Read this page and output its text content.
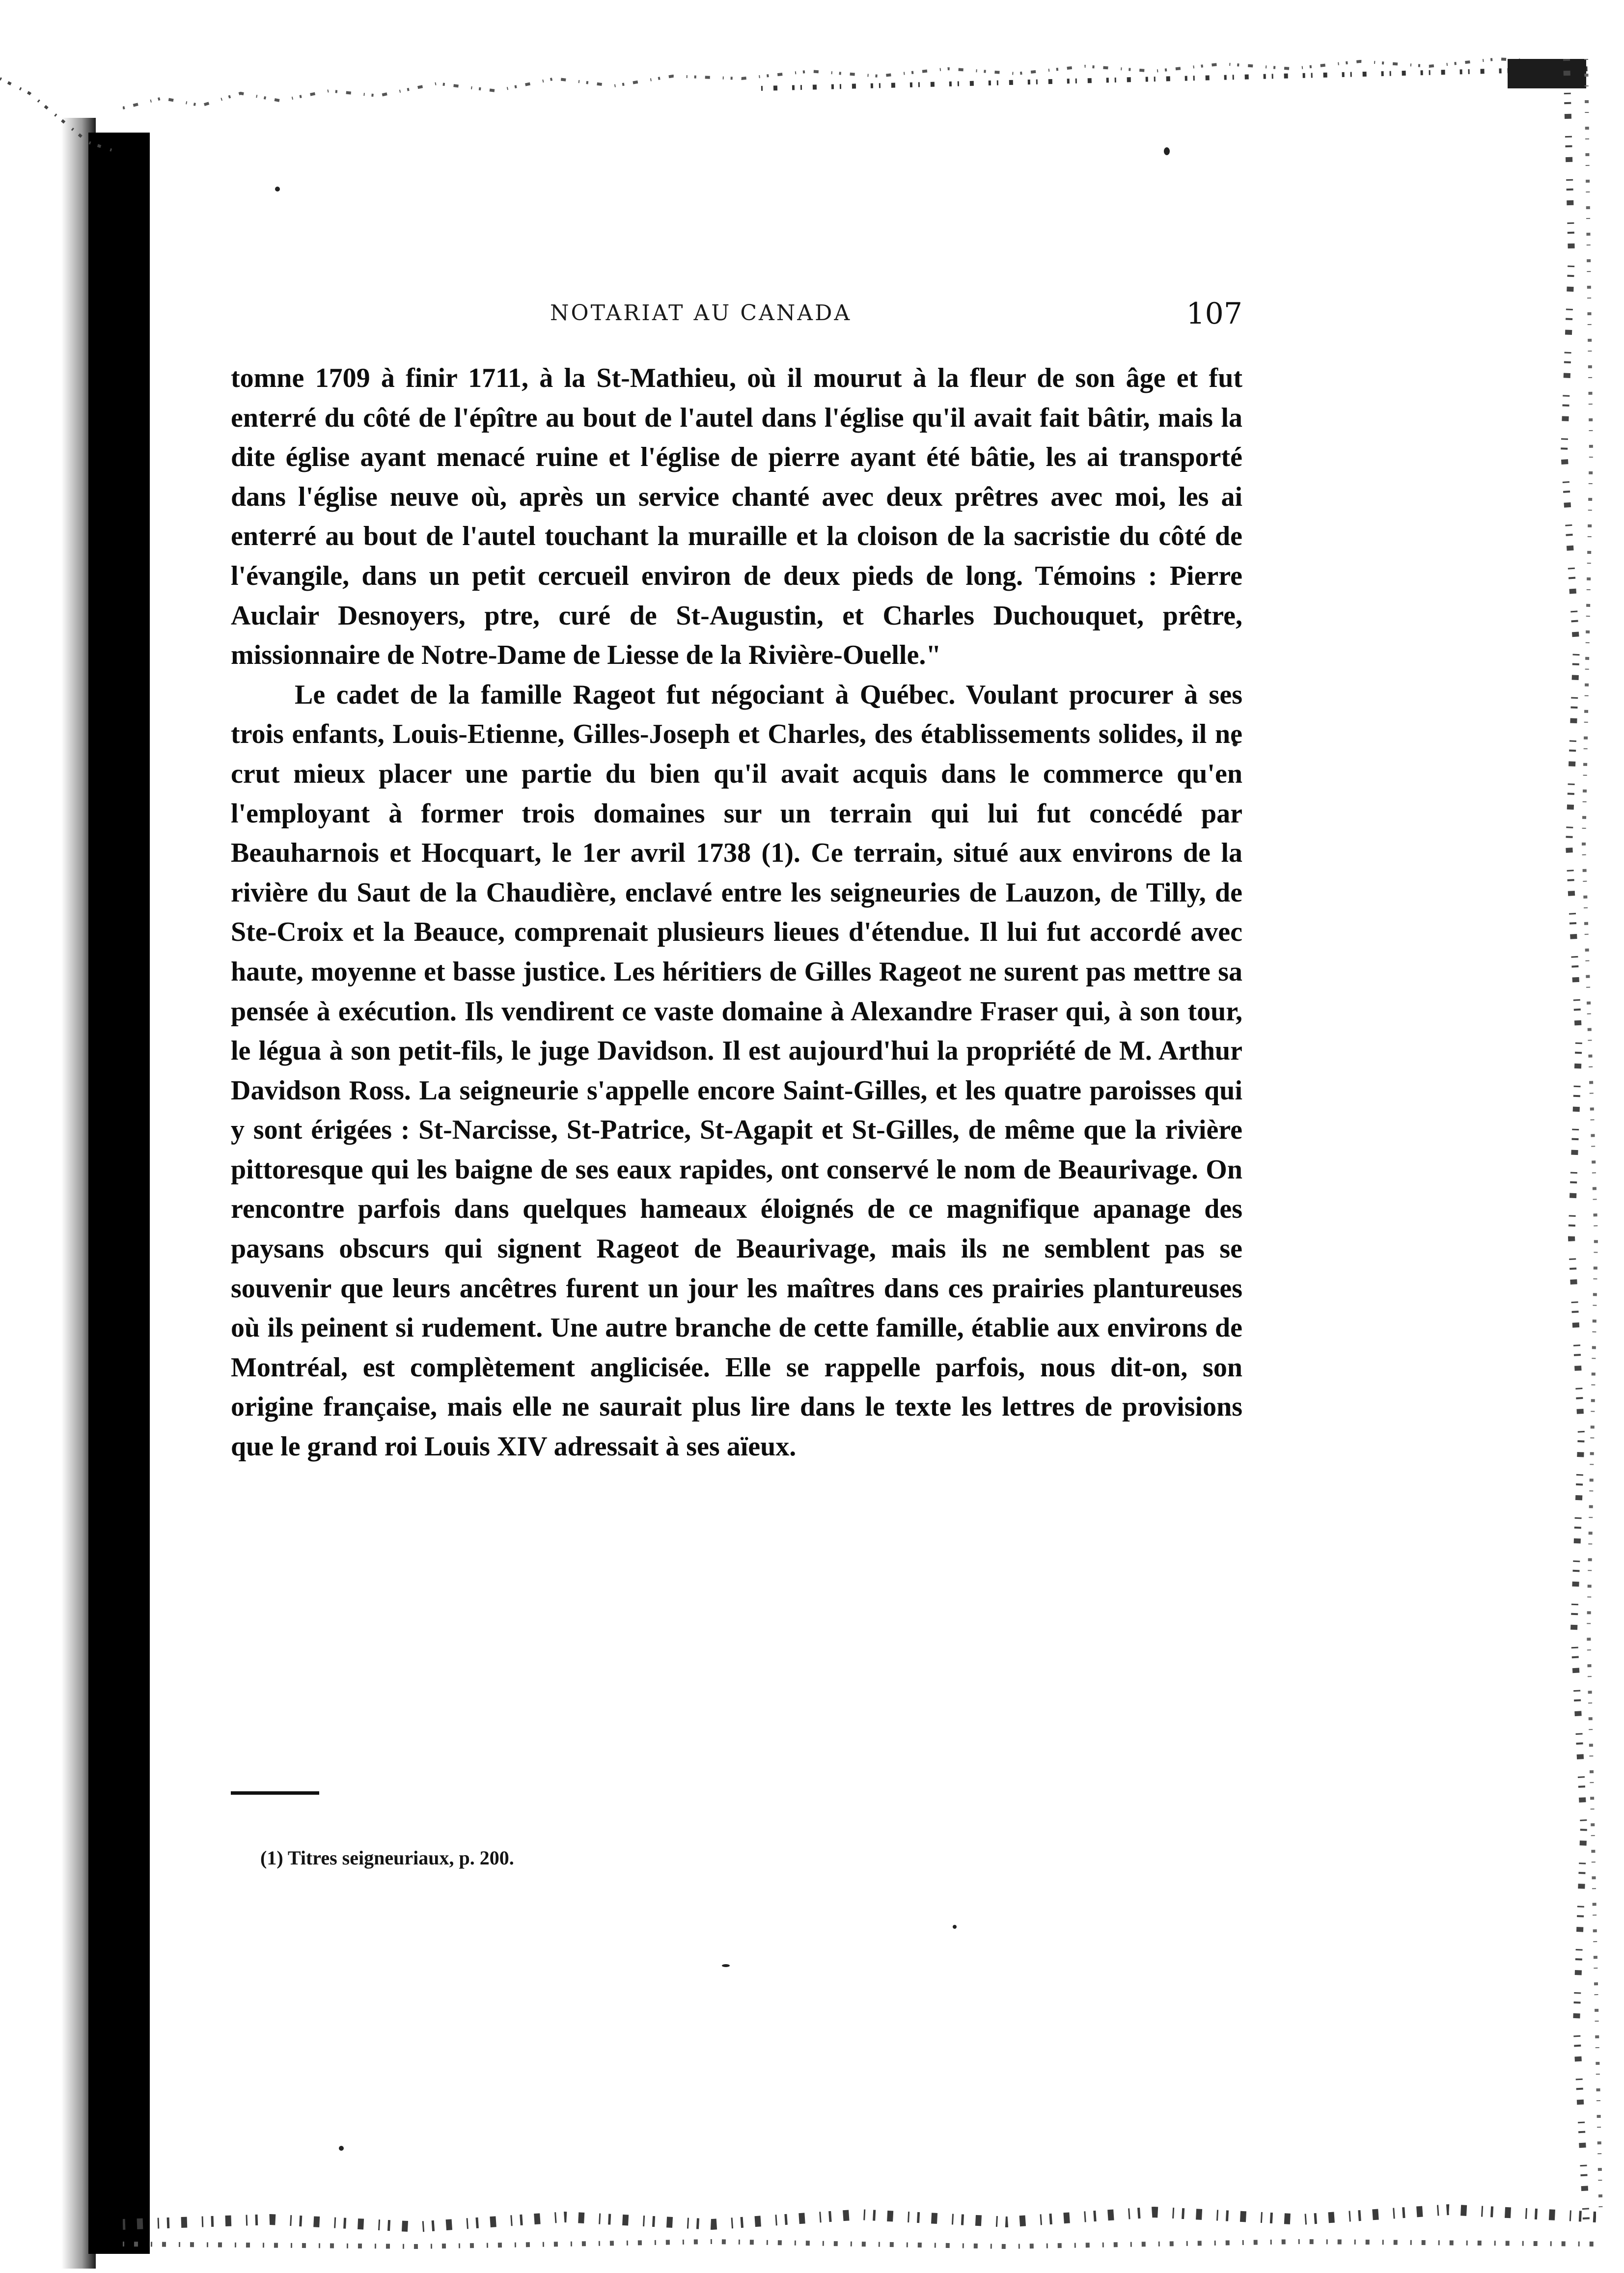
NOTARIAT AU CANADA	107

tomne 1709 à finir 1711, à la St-Mathieu, où il mourut à la fleur de son âge et fut enterré du côté de l'épître au bout de l'autel dans l'église qu'il avait fait bâtir, mais la dite église ayant menacé ruine et l'église de pierre ayant été bâtie, les ai transporté dans l'église neuve où, après un service chanté avec deux prêtres avec moi, les ai enterré au bout de l'autel touchant la muraille et la cloison de la sacristie du côté de l'évangile, dans un petit cercueil environ de deux pieds de long. Témoins : Pierre Auclair Desnoyers, ptre, curé de St-Augustin, et Charles Duchouquet, prêtre, missionnaire de Notre-Dame de Liesse de la Rivière-Ouelle."

Le cadet de la famille Rageot fut négociant à Québec. Voulant procurer à ses trois enfants, Louis-Etienne, Gilles-Joseph et Charles, des établissements solides, il ne crut mieux placer une partie du bien qu'il avait acquis dans le commerce qu'en l'employant à former trois domaines sur un terrain qui lui fut concédé par Beauharnois et Hocquart, le 1er avril 1738 (1). Ce terrain, situé aux environs de la rivière du Saut de la Chaudière, enclavé entre les seigneuries de Lauzon, de Tilly, de Ste-Croix et la Beauce, comprenait plusieurs lieues d'étendue. Il lui fut accordé avec haute, moyenne et basse justice. Les héritiers de Gilles Rageot ne surent pas mettre sa pensée à exécution. Ils vendirent ce vaste domaine à Alexandre Fraser qui, à son tour, le légua à son petit-fils, le juge Davidson. Il est aujourd'hui la propriété de M. Arthur Davidson Ross. La seigneurie s'appelle encore Saint-Gilles, et les quatre paroisses qui y sont érigées : St-Narcisse, St-Patrice, St-Agapit et St-Gilles, de même que la rivière pittoresque qui les baigne de ses eaux rapides, ont conservé le nom de Beaurivage. On rencontre parfois dans quelques hameaux éloignés de ce magnifique apanage des paysans obscurs qui signent Rageot de Beaurivage, mais ils ne semblent pas se souvenir que leurs ancêtres furent un jour les maîtres dans ces prairies plantureuses où ils peinent si rudement. Une autre branche de cette famille, établie aux environs de Montréal, est complètement anglicisée. Elle se rappelle parfois, nous dit-on, son origine française, mais elle ne saurait plus lire dans le texte les lettres de provisions que le grand roi Louis XIV adressait à ses aïeux.

(1) Titres seigneuriaux, p. 200.
